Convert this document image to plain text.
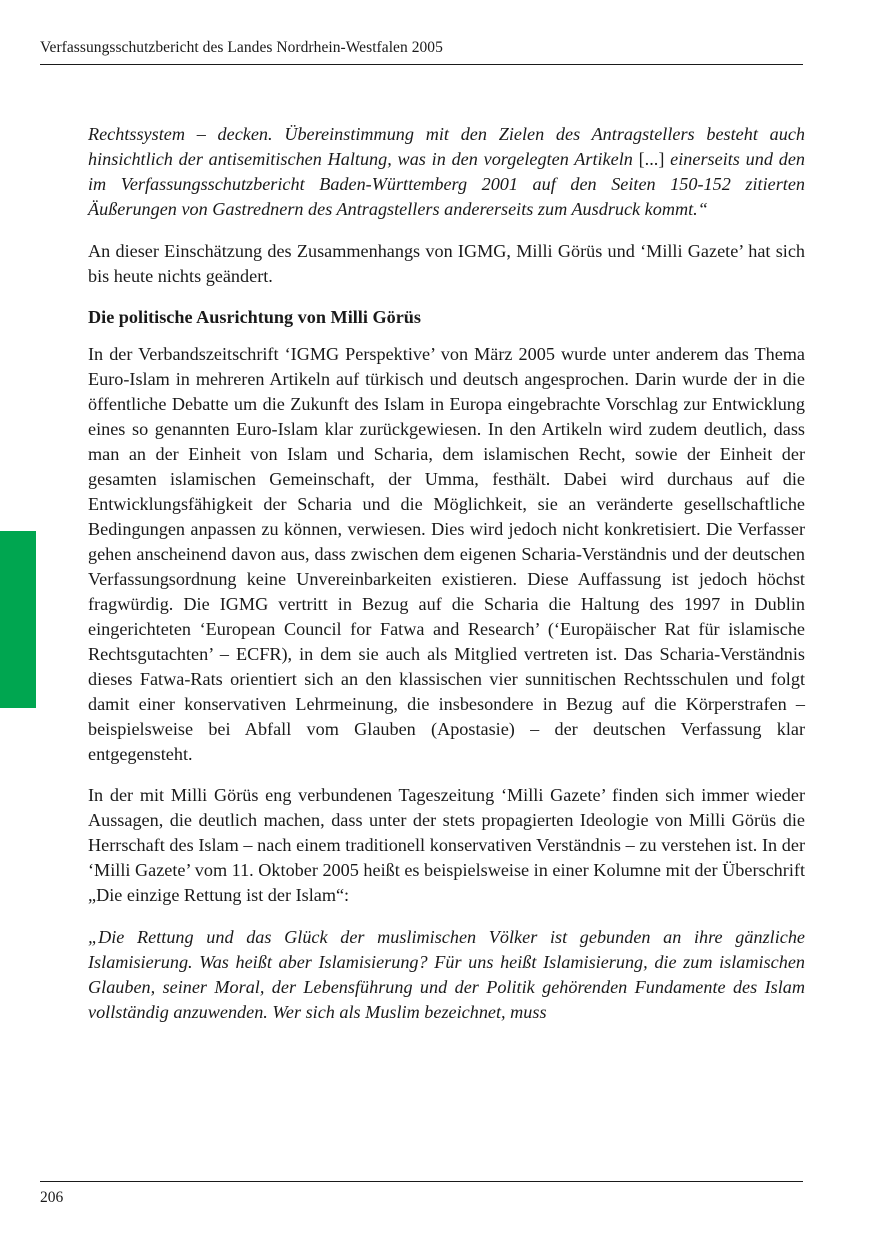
Verfassungsschutzbericht des Landes Nordrhein-Westfalen 2005

Rechtssystem – decken. Übereinstimmung mit den Zielen des Antragstellers besteht auch hinsichtlich der antisemitischen Haltung, was in den vorgelegten Artikeln [...] einerseits und den im Verfassungsschutzbericht Baden-Württemberg 2001 auf den Seiten 150-152 zitierten Äußerungen von Gastrednern des Antragstellers andererseits zum Ausdruck kommt.“

An dieser Einschätzung des Zusammenhangs von IGMG, Milli Görüs und ‘Milli Gazete’ hat sich bis heute nichts geändert.

Die politische Ausrichtung von Milli Görüs

In der Verbandszeitschrift ‘IGMG Perspektive’ von März 2005 wurde unter anderem das Thema Euro-Islam in mehreren Artikeln auf türkisch und deutsch angesprochen. Darin wurde der in die öffentliche Debatte um die Zukunft des Islam in Europa eingebrachte Vorschlag zur Entwicklung eines so genannten Euro-Islam klar zurückgewiesen. In den Artikeln wird zudem deutlich, dass man an der Einheit von Islam und Scharia, dem islamischen Recht, sowie der Einheit der gesamten islamischen Gemeinschaft, der Umma, festhält. Dabei wird durchaus auf die Entwicklungsfähigkeit der Scharia und die Möglichkeit, sie an veränderte gesellschaftliche Bedingungen anpassen zu können, verwiesen. Dies wird jedoch nicht konkretisiert. Die Verfasser gehen anscheinend davon aus, dass zwischen dem eigenen Scharia-Verständnis und der deutschen Verfassungsordnung keine Unvereinbarkeiten existieren. Diese Auffassung ist jedoch höchst fragwürdig. Die IGMG vertritt in Bezug auf die Scharia die Haltung des 1997 in Dublin eingerichteten ‘European Council for Fatwa and Research’ (‘Europäischer Rat für islamische Rechtsgutachten’ – ECFR), in dem sie auch als Mitglied vertreten ist. Das Scharia-Verständnis dieses Fatwa-Rats orientiert sich an den klassischen vier sunnitischen Rechtsschulen und folgt damit einer konservativen Lehrmeinung, die insbesondere in Bezug auf die Körperstrafen – beispielsweise bei Abfall vom Glauben (Apostasie) – der deutschen Verfassung klar entgegensteht.

In der mit Milli Görüs eng verbundenen Tageszeitung ‘Milli Gazete’ finden sich immer wieder Aussagen, die deutlich machen, dass unter der stets propagierten Ideologie von Milli Görüs die Herrschaft des Islam – nach einem traditionell konservativen Verständnis – zu verstehen ist. In der ‘Milli Gazete’ vom 11. Oktober 2005 heißt es beispielsweise in einer Kolumne mit der Überschrift „Die einzige Rettung ist der Islam“:

„Die Rettung und das Glück der muslimischen Völker ist gebunden an ihre gänzliche Islamisierung. Was heißt aber Islamisierung? Für uns heißt Islamisierung, die zum islamischen Glauben, seiner Moral, der Lebensführung und der Politik gehörenden Fundamente des Islam vollständig anzuwenden. Wer sich als Muslim bezeichnet, muss

206
